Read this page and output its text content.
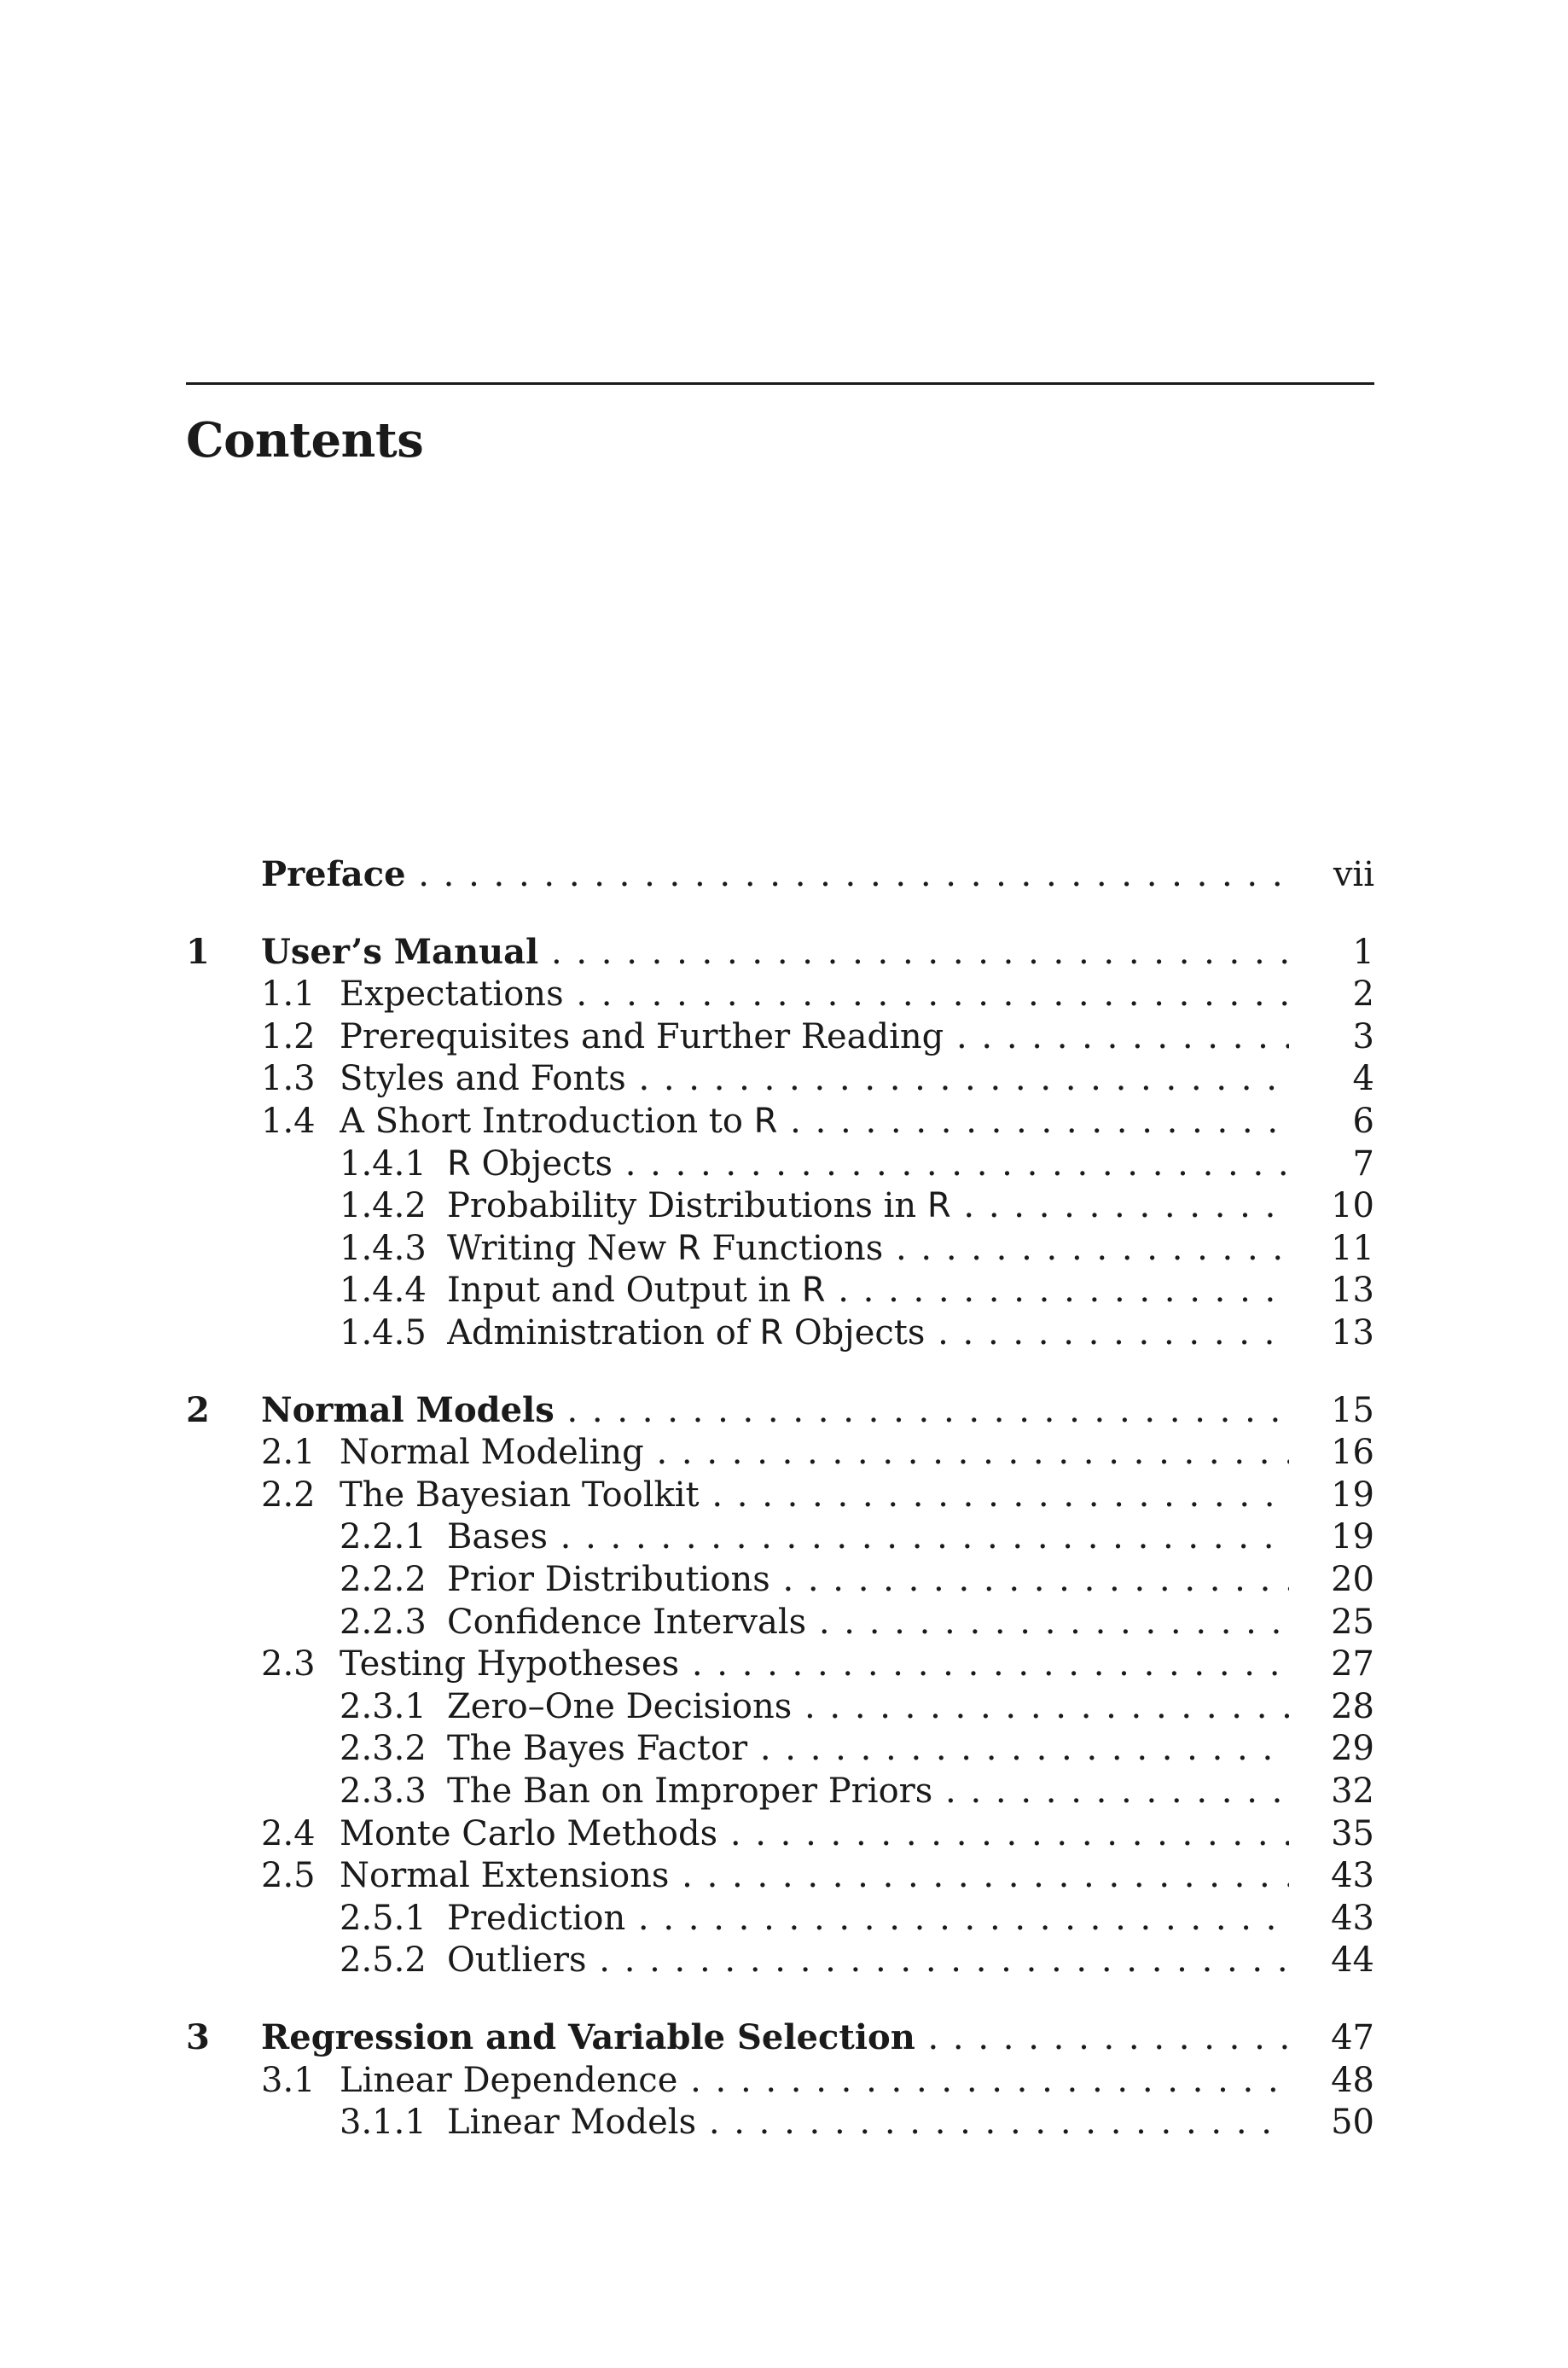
Contents
Preface . . .	vii
1 User’s Manual . . .	1
1.1 Expectations . . .	2
1.2 Prerequisites and Further Reading . . .	3
1.3 Styles and Fonts . . .	4
1.4 A Short Introduction to R . . .	6
1.4.1 R Objects . . .	7
1.4.2 Probability Distributions in R . . .	10
1.4.3 Writing New R Functions . . .	11
1.4.4 Input and Output in R . . .	13
1.4.5 Administration of R Objects . . .	13
2 Normal Models . . .	15
2.1 Normal Modeling . . .	16
2.2 The Bayesian Toolkit . . .	19
2.2.1 Bases . . .	19
2.2.2 Prior Distributions . . .	20
2.2.3 Confidence Intervals . . .	25
2.3 Testing Hypotheses . . .	27
2.3.1 Zero–One Decisions . . .	28
2.3.2 The Bayes Factor . . .	29
2.3.3 The Ban on Improper Priors . . .	32
2.4 Monte Carlo Methods . . .	35
2.5 Normal Extensions . . .	43
2.5.1 Prediction . . .	43
2.5.2 Outliers . . .	44
3 Regression and Variable Selection . . .	47
3.1 Linear Dependence . . .	48
3.1.1 Linear Models . . .	50
